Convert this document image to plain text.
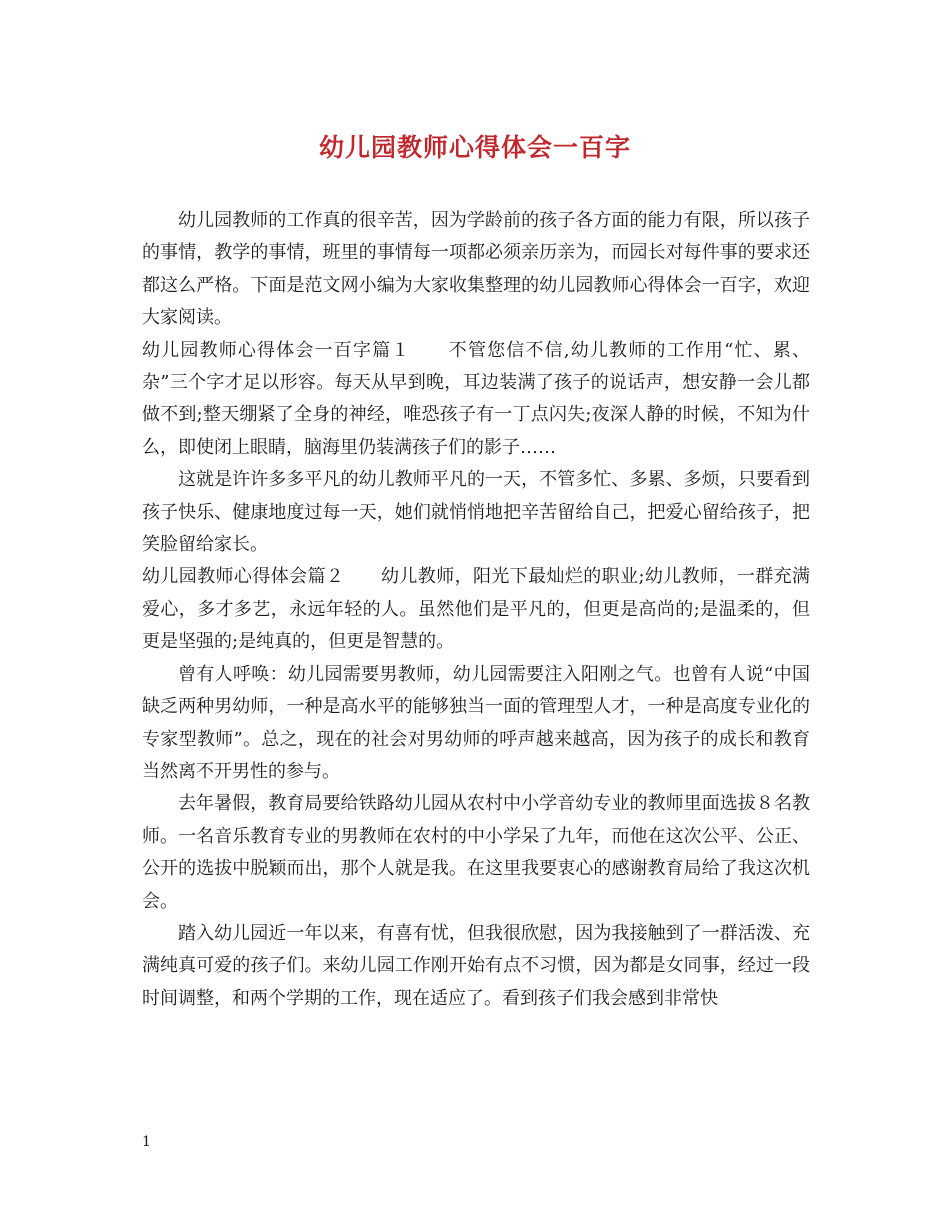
幼儿园教师心得体会一百字

幼儿园教师的工作真的很辛苦，因为学龄前的孩子各方面的能力有限，所以孩子的事情，教学的事情，班里的事情每一项都必须亲历亲为，而园长对每件事的要求还都这么严格。下面是范文网小编为大家收集整理的幼儿园教师心得体会一百字，欢迎大家阅读。

幼儿园教师心得体会一百字篇１　　不管您信不信,幼儿教师的工作用“忙、累、杂”三个字才足以形容。每天从早到晚，耳边装满了孩子的说话声，想安静一会儿都做不到;整天绷紧了全身的神经，唯恐孩子有一丁点闪失;夜深人静的时候，不知为什么，即使闭上眼睛，脑海里仍装满孩子们的影子……

这就是许许多多平凡的幼儿教师平凡的一天，不管多忙、多累、多烦，只要看到孩子快乐、健康地度过每一天，她们就悄悄地把辛苦留给自己，把爱心留给孩子，把笑脸留给家长。

幼儿园教师心得体会篇２　　幼儿教师，阳光下最灿烂的职业;幼儿教师，一群充满爱心，多才多艺，永远年轻的人。虽然他们是平凡的，但更是高尚的;是温柔的，但更是坚强的;是纯真的，但更是智慧的。

曾有人呼唤：幼儿园需要男教师，幼儿园需要注入阳刚之气。也曾有人说“中国缺乏两种男幼师，一种是高水平的能够独当一面的管理型人才，一种是高度专业化的专家型教师”。总之，现在的社会对男幼师的呼声越来越高，因为孩子的成长和教育当然离不开男性的参与。

去年暑假，教育局要给铁路幼儿园从农村中小学音幼专业的教师里面选拔８名教师。一名音乐教育专业的男教师在农村的中小学呆了九年，而他在这次公平、公正、公开的选拔中脱颖而出，那个人就是我。在这里我要衷心的感谢教育局给了我这次机会。

踏入幼儿园近一年以来，有喜有忧，但我很欣慰，因为我接触到了一群活泼、充满纯真可爱的孩子们。来幼儿园工作刚开始有点不习惯，因为都是女同事，经过一段时间调整，和两个学期的工作，现在适应了。看到孩子们我会感到非常快

1
